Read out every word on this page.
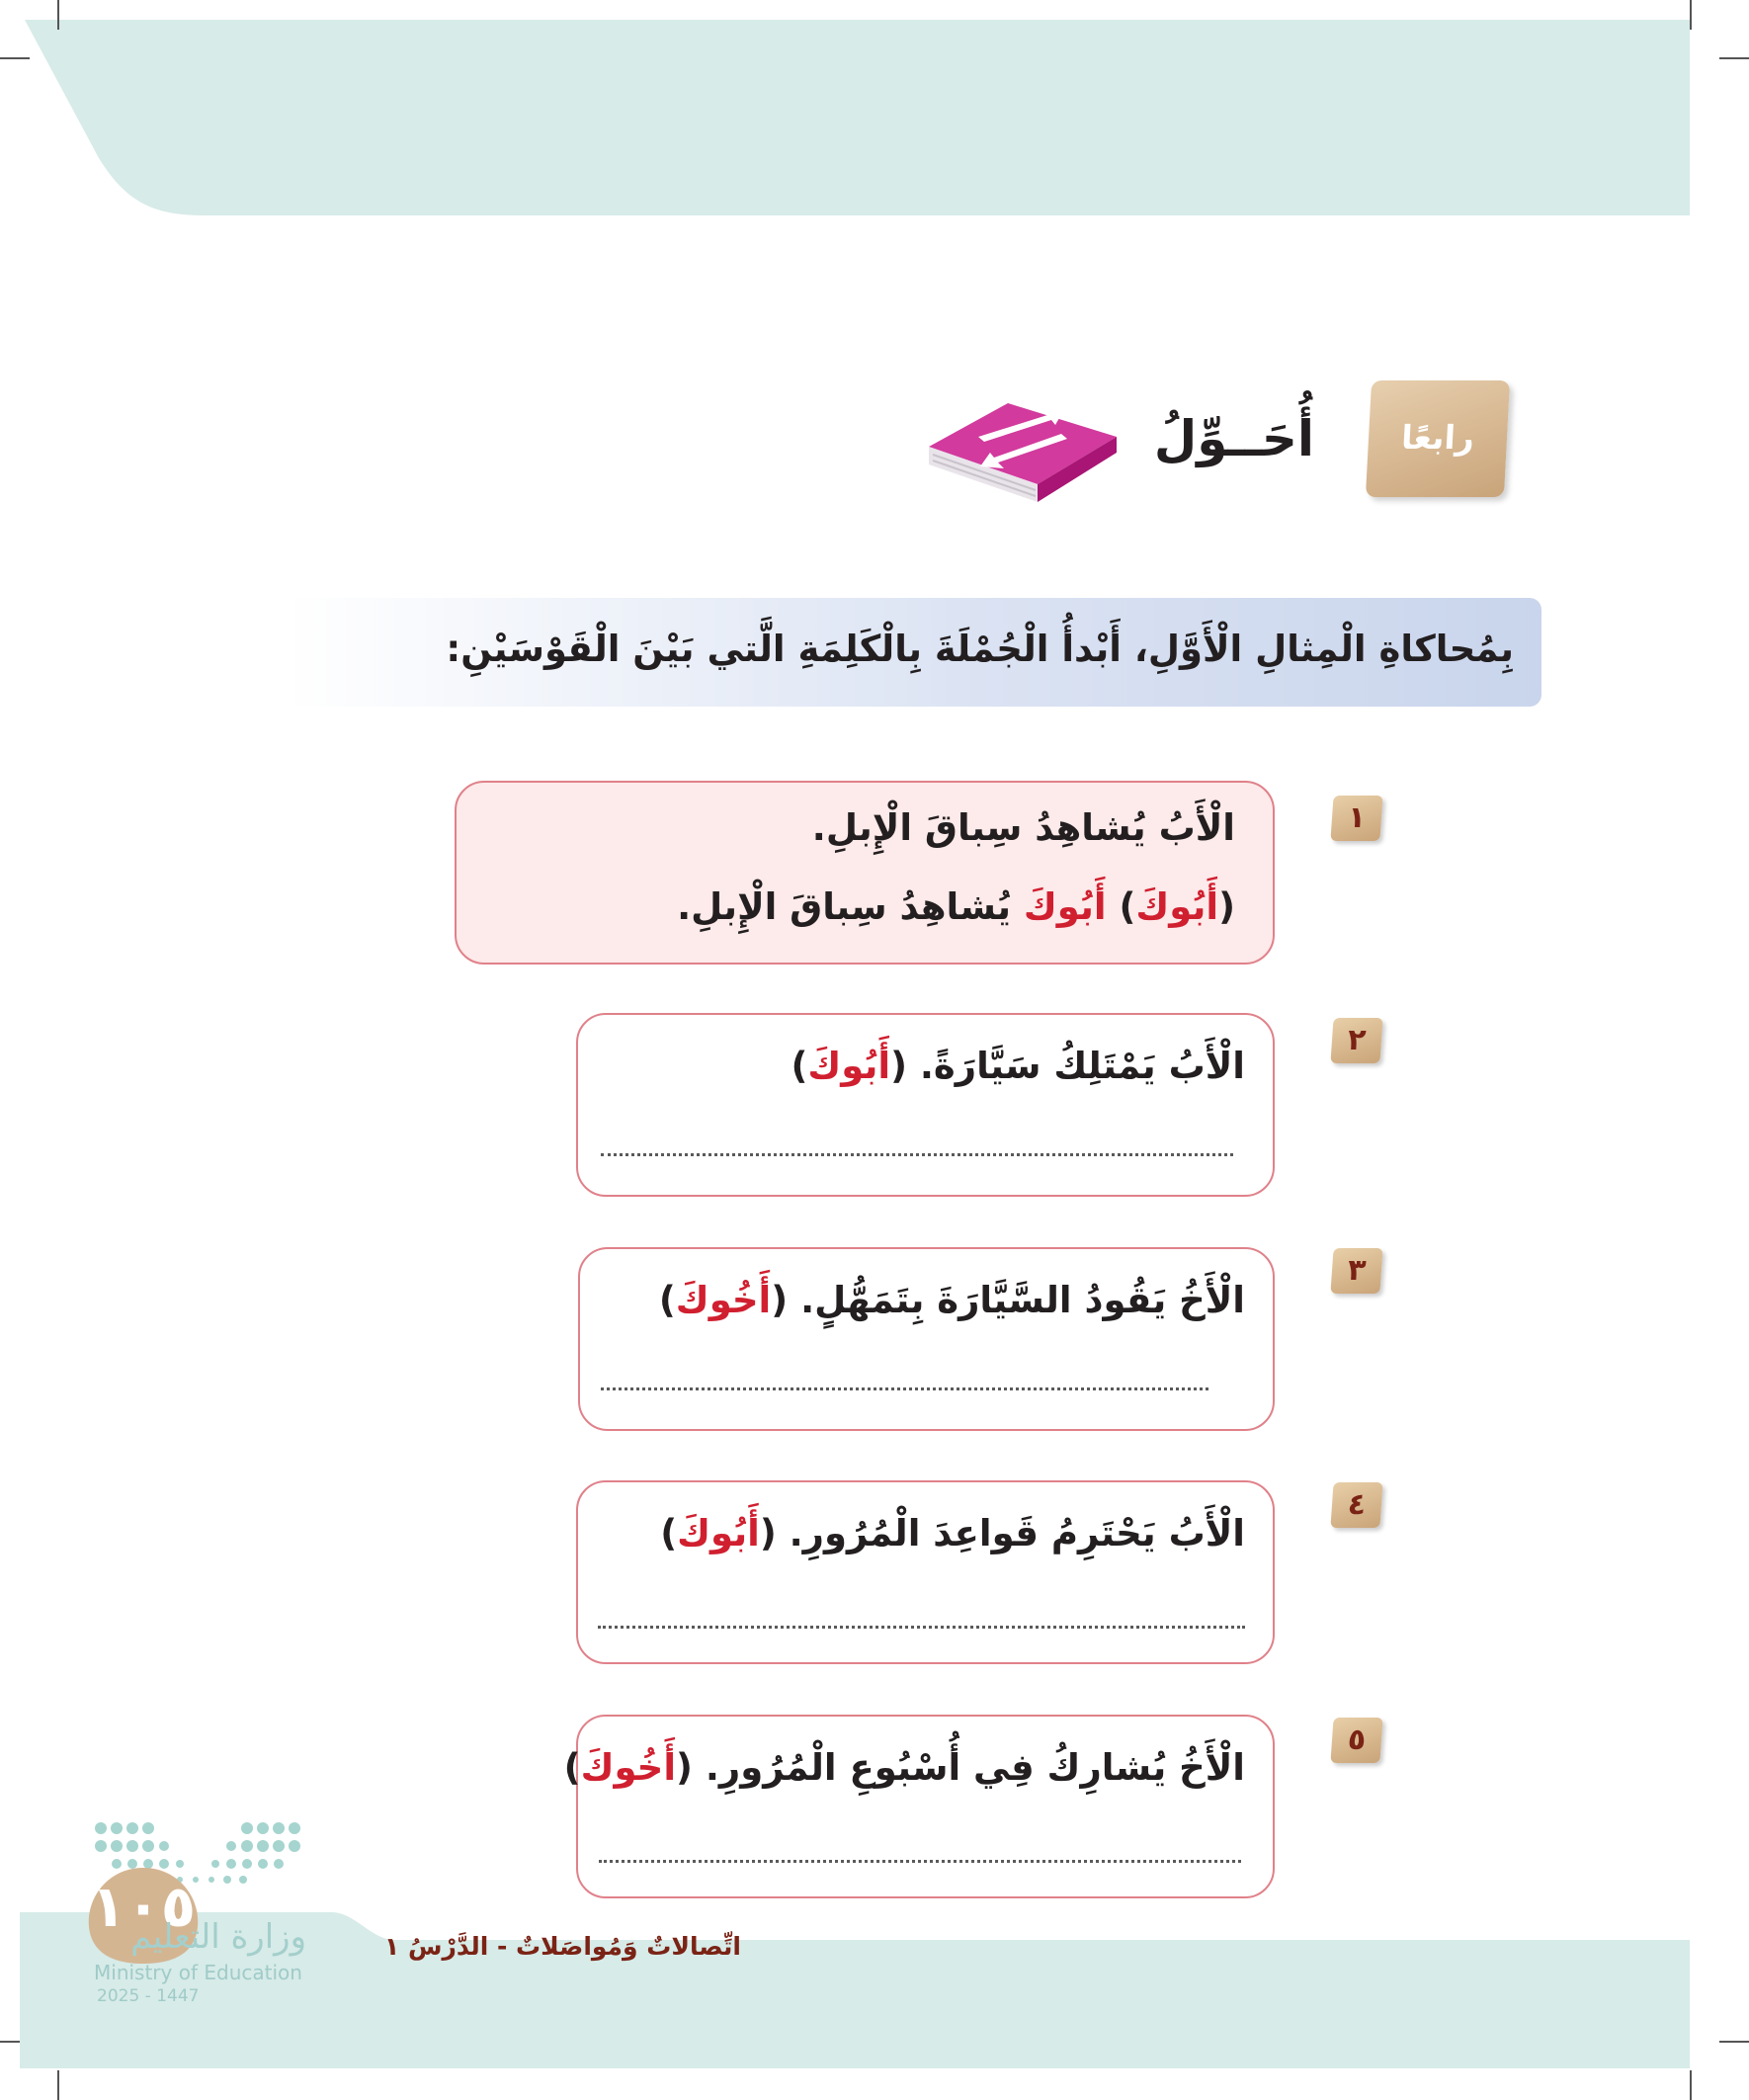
رابعًا
أُحَــوِّلُ
بِمُحاكاةِ الْمِثالِ الْأَوَّلِ، أَبْدأُ الْجُمْلَةَ بِالْكَلِمَةِ الَّتي بَيْنَ الْقَوْسَيْنِ:
١
الْأَبُ يُشاهِدُ سِباقَ الْإِبلِ.
(أَبُوكَ) أَبُوكَ يُشاهِدُ سِباقَ الْإِبلِ.
٢
الْأَبُ يَمْتَلِكُ سَيَّارَةً. (أَبُوكَ)
٣
الْأَخُ يَقُودُ السَّيَّارَةَ بِتَمَهُّلٍ. (أَخُوكَ)
٤
الْأَبُ يَحْتَرِمُ قَواعِدَ الْمُرُورِ. (أَبُوكَ)
٥
الْأَخُ يُشارِكُ فِي أُسْبُوعِ الْمُرُورِ. (أَخُوكَ)
١٠٥
وزارة التعليم
Ministry of Education
2025 - 1447
اتِّصالاتٌ وَمُواصَلاتٌ - الدَّرْسُ ١
